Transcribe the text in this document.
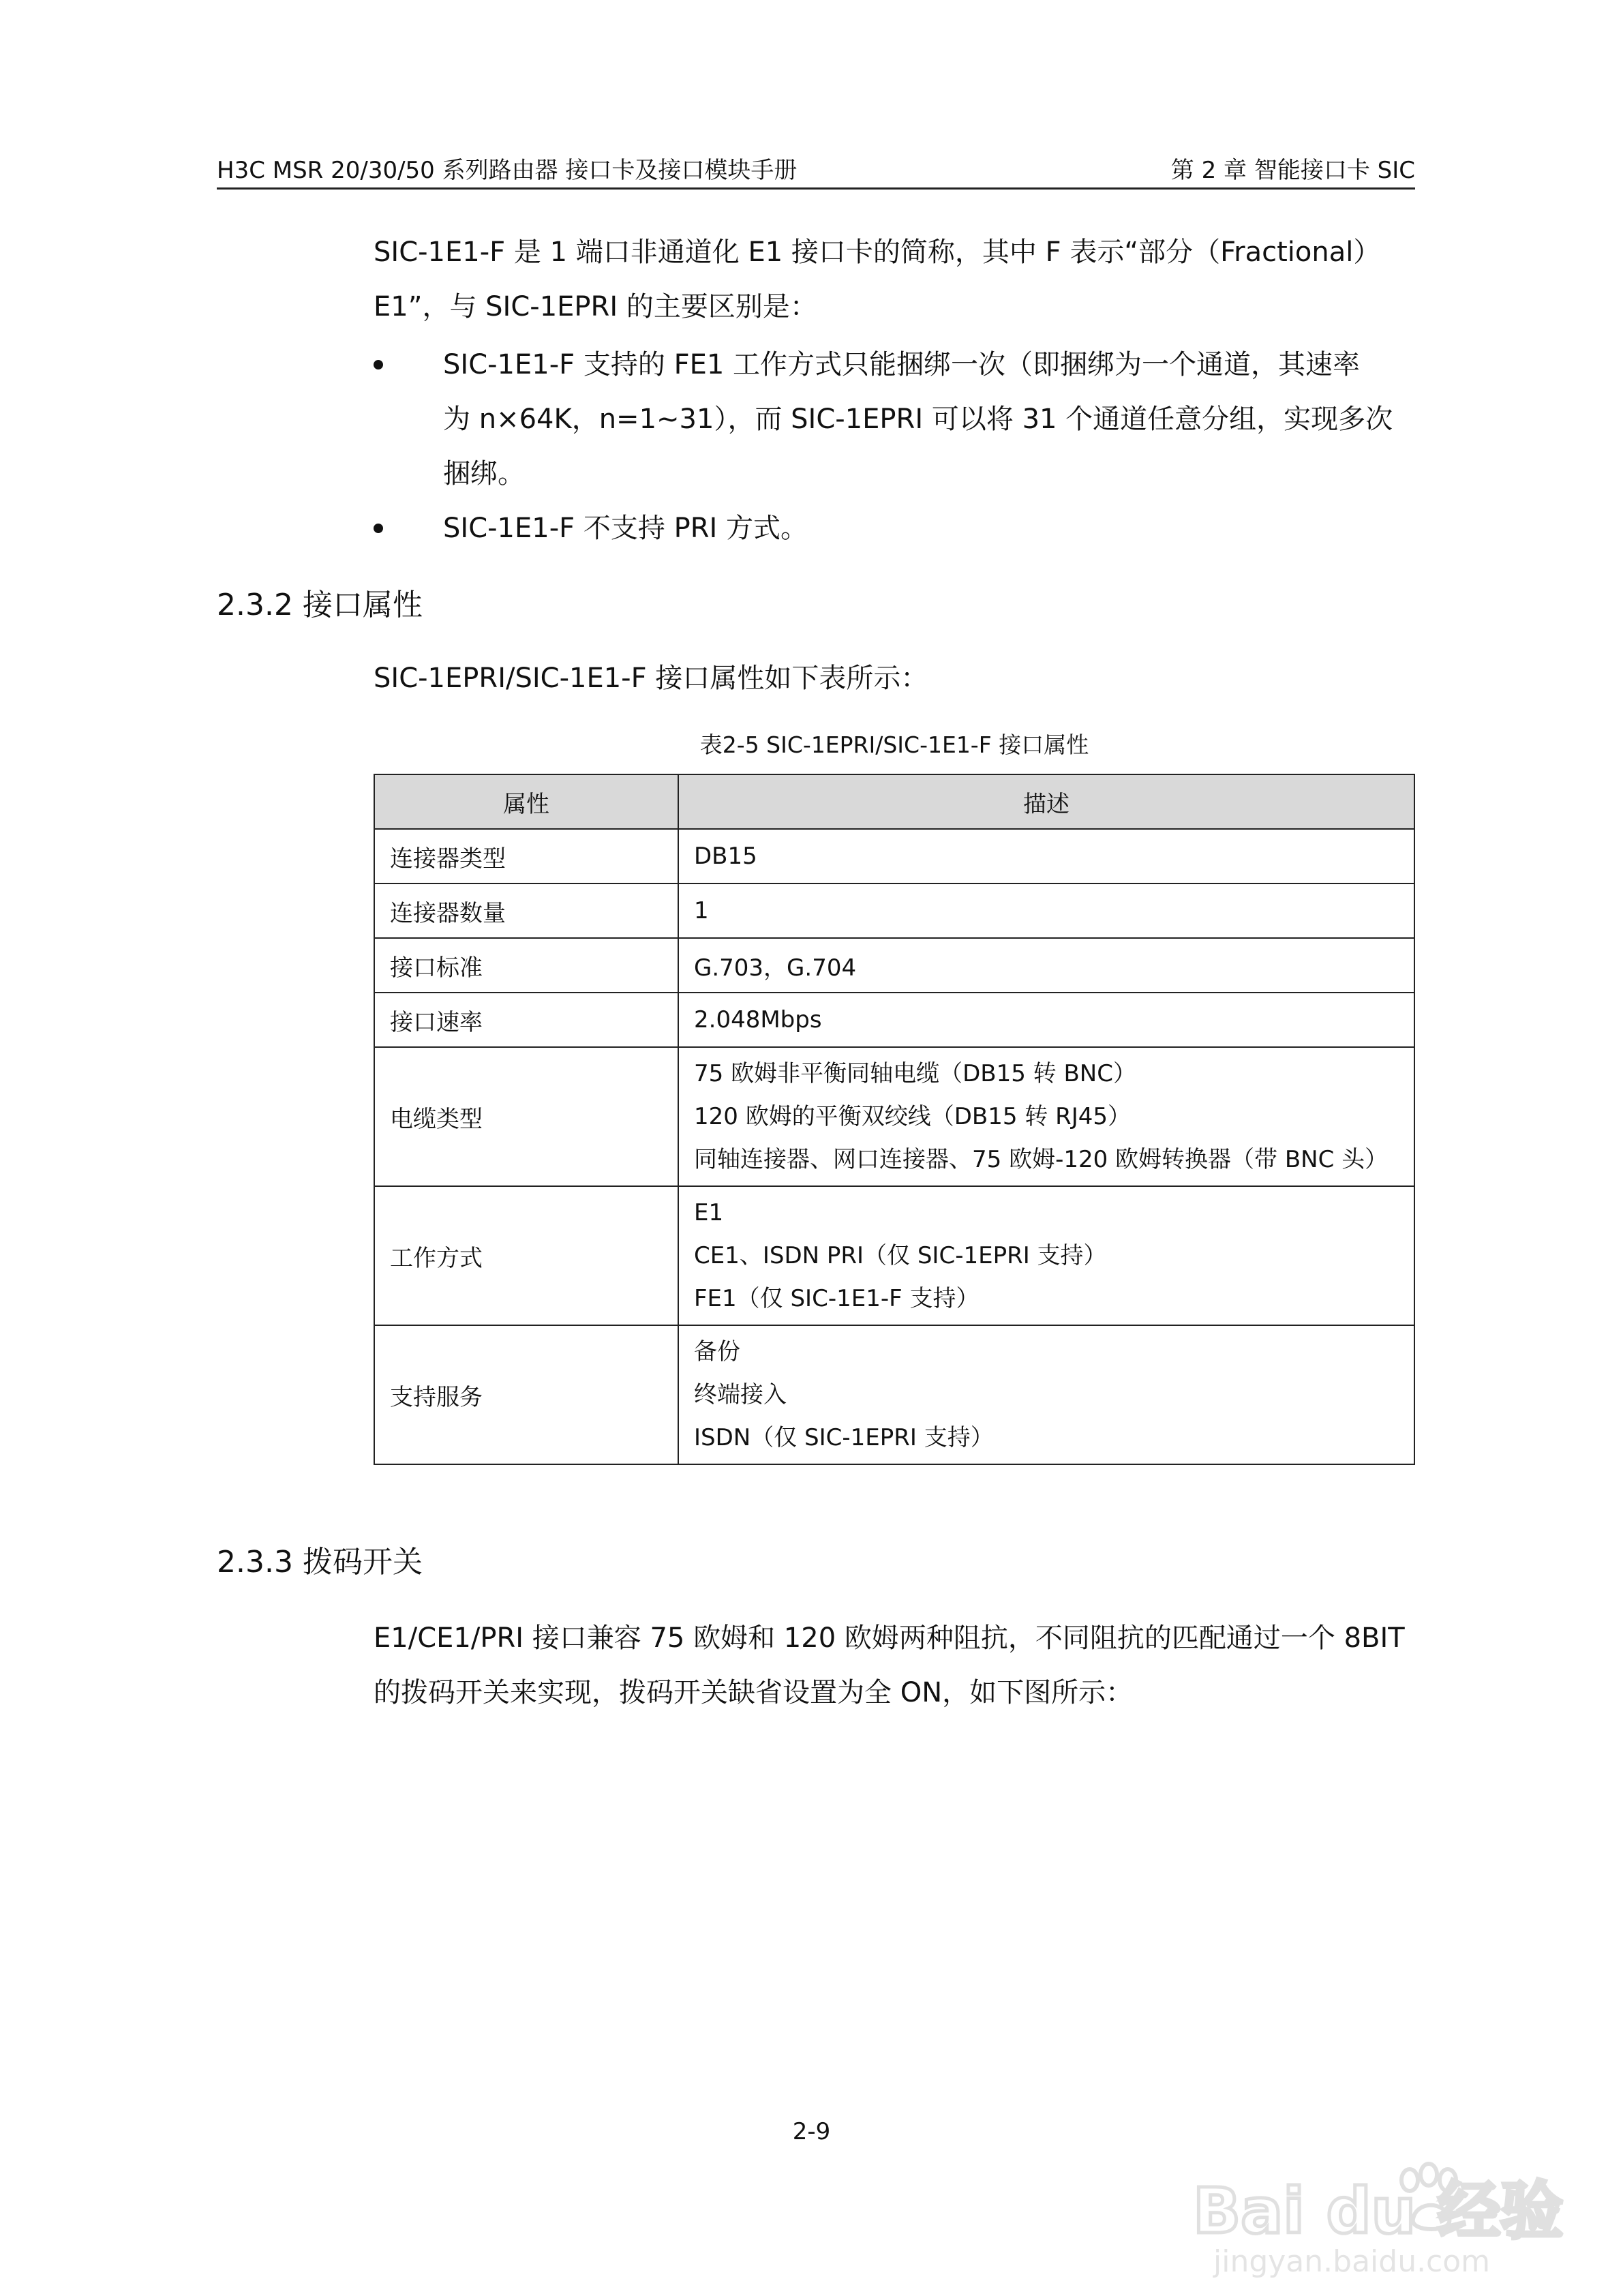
H3C MSR 20/30/50 系列路由器 接口卡及接口模块手册	第 2 章 智能接口卡 SIC
SIC-1E1-F 是 1 端口非通道化 E1 接口卡的简称，其中 F 表示“部分（Fractional）
E1”，与 SIC-1EPRI 的主要区别是：
SIC-1E1-F 支持的 FE1 工作方式只能捆绑一次（即捆绑为一个通道，其速率
为 n×64K，n=1~31），而 SIC-1EPRI 可以将 31 个通道任意分组，实现多次
捆绑。
SIC-1E1-F 不支持 PRI 方式。
2.3.2 接口属性
SIC-1EPRI/SIC-1E1-F 接口属性如下表所示：
表2-5 SIC-1EPRI/SIC-1E1-F 接口属性
属性	描述
连接器类型	DB15
连接器数量	1
接口标准	G.703，G.704
接口速率	2.048Mbps
电缆类型	75 欧姆非平衡同轴电缆（DB15 转 BNC）
120 欧姆的平衡双绞线（DB15 转 RJ45）
同轴连接器、网口连接器、75 欧姆-120 欧姆转换器（带 BNC 头）

工作方式	E1
CE1、ISDN PRI（仅 SIC-1EPRI 支持）
FE1（仅 SIC-1E1-F 支持）

支持服务	备份
终端接入
ISDN（仅 SIC-1EPRI 支持）
2.3.3 拨码开关
E1/CE1/PRI 接口兼容 75 欧姆和 120 欧姆两种阻抗，不同阻抗的匹配通过一个 8BIT
的拨码开关来实现，拨码开关缺省设置为全 ON，如下图所示：
2-9
Bai du 经验
jingyan.baidu.com
